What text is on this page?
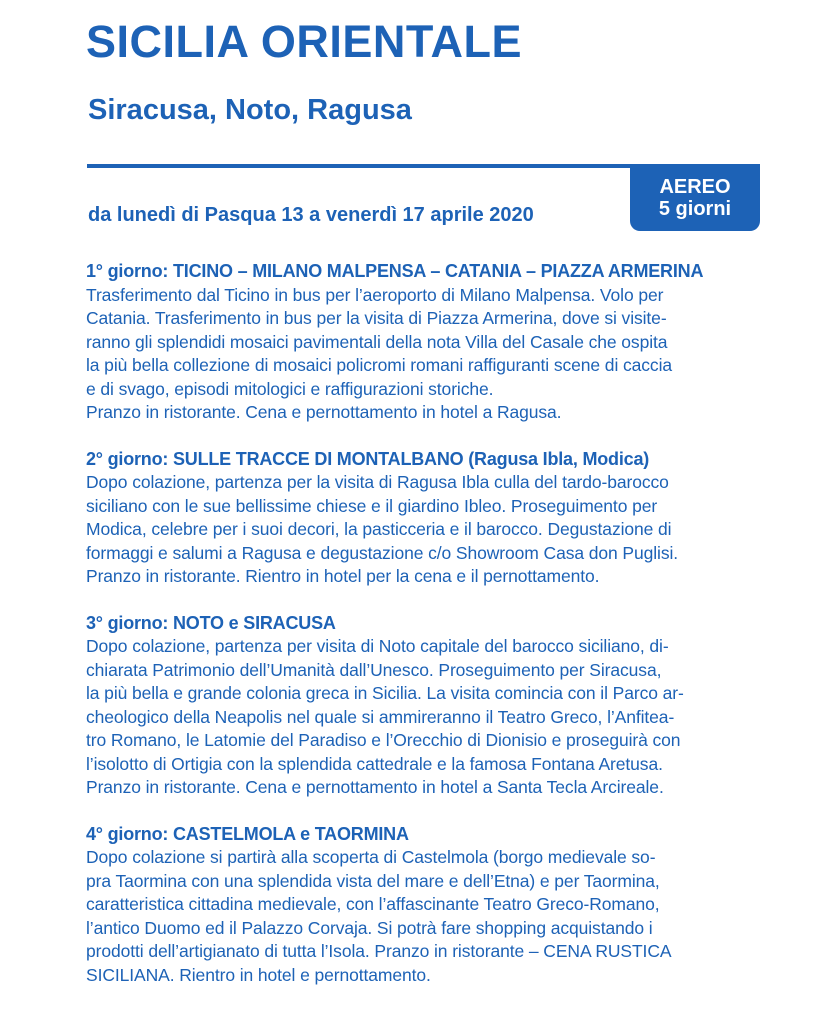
SICILIA ORIENTALE
Siracusa, Noto, Ragusa

da lunedì di Pasqua 13 a venerdì 17 aprile 2020

AEREO
5 giorni

1° giorno: TICINO – MILANO MALPENSA – CATANIA – PIAZZA ARMERINA

Trasferimento dal Ticino in bus per l’aeroporto di Milano Malpensa. Volo per
Catania. Trasferimento in bus per la visita di Piazza Armerina, dove si visite-
ranno gli splendidi mosaici pavimentali della nota Villa del Casale che ospita
la più bella collezione di mosaici policromi romani raffiguranti scene di caccia
e di svago, episodi mitologici e raffigurazioni storiche.
Pranzo in ristorante. Cena e pernottamento in hotel a Ragusa.

2° giorno: SULLE TRACCE DI MONTALBANO (Ragusa Ibla, Modica)

Dopo colazione, partenza per la visita di Ragusa Ibla culla del tardo-barocco
siciliano con le sue bellissime chiese e il giardino Ibleo. Proseguimento per
Modica, celebre per i suoi decori, la pasticceria e il barocco. Degustazione di
formaggi e salumi a Ragusa e degustazione c/o Showroom Casa don Puglisi.
Pranzo in ristorante. Rientro in hotel per la cena e il pernottamento.

3° giorno: NOTO e SIRACUSA

Dopo colazione, partenza per visita di Noto capitale del barocco siciliano, di-
chiarata Patrimonio dell’Umanità dall’Unesco. Proseguimento per Siracusa,
la più bella e grande colonia greca in Sicilia. La visita comincia con il Parco ar-
cheologico della Neapolis nel quale si ammireranno il Teatro Greco, l’Anfitea-
tro Romano, le Latomie del Paradiso e l’Orecchio di Dionisio e proseguirà con
l’isolotto di Ortigia con la splendida cattedrale e la famosa Fontana Aretusa.
Pranzo in ristorante. Cena e pernottamento in hotel a Santa Tecla Arcireale.

4° giorno: CASTELMOLA e TAORMINA

Dopo colazione si partirà alla scoperta di Castelmola (borgo medievale so-
pra Taormina con una splendida vista del mare e dell’Etna) e per Taormina,
caratteristica cittadina medievale, con l’affascinante Teatro Greco-Romano,
l’antico Duomo ed il Palazzo Corvaja. Si potrà fare shopping acquistando i
prodotti dell’artigianato di tutta l’Isola. Pranzo in ristorante – CENA RUSTICA
SICILIANA. Rientro in hotel e pernottamento.
